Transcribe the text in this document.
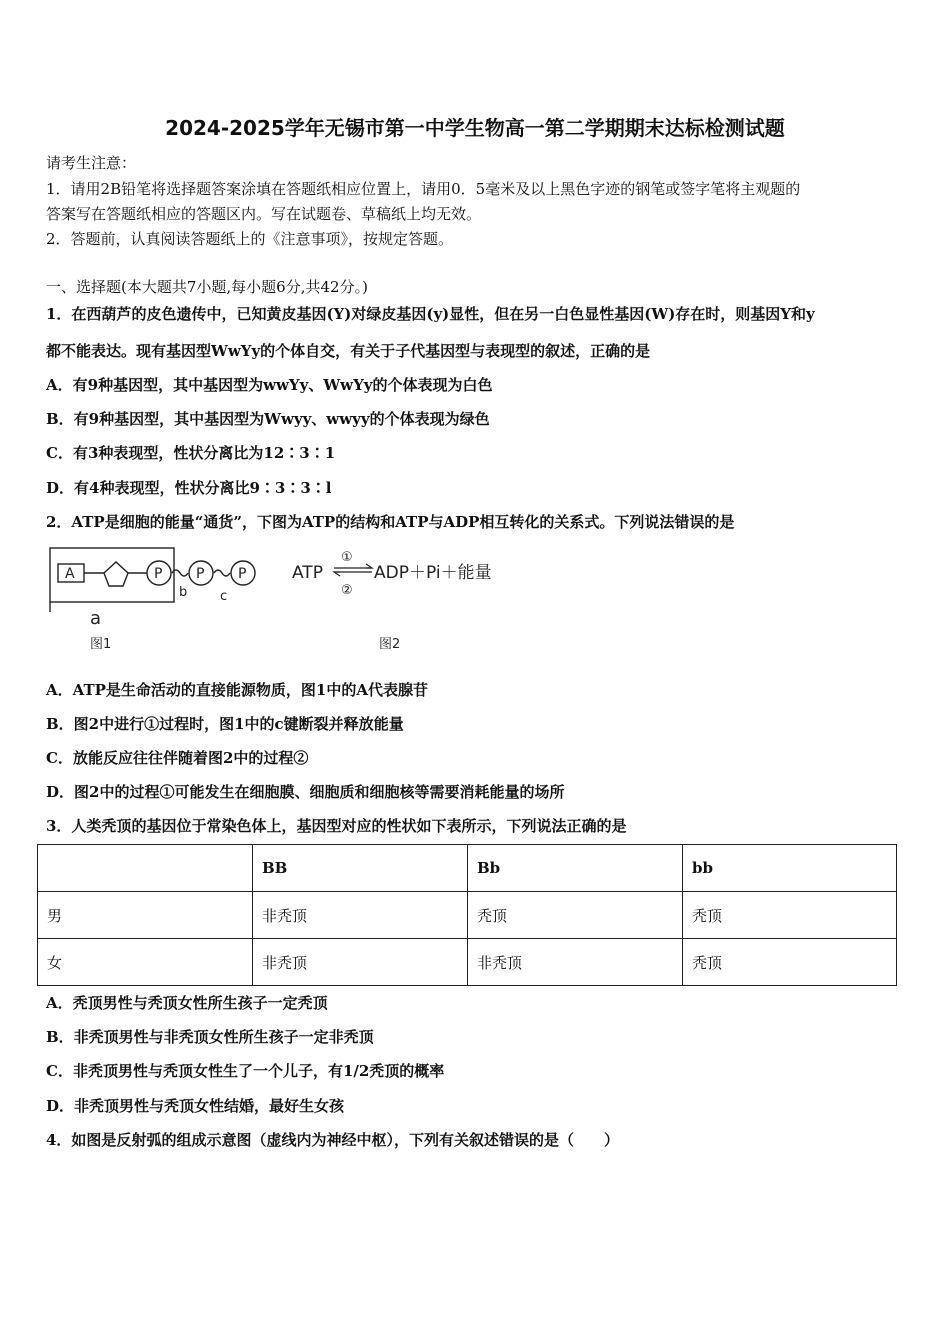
2024-2025学年无锡市第一中学生物高一第二学期期末达标检测试题
请考生注意：
1．请用2B铅笔将选择题答案涂填在答题纸相应位置上，请用0．5毫米及以上黑色字迹的钢笔或签字笔将主观题的
答案写在答题纸相应的答题区内。写在试题卷、草稿纸上均无效。
2．答题前，认真阅读答题纸上的《注意事项》，按规定答题。
一、选择题(本大题共7小题,每小题6分,共42分。)
1．在西葫芦的皮色遗传中，已知黄皮基因(Y)对绿皮基因(y)显性，但在另一白色显性基因(W)存在时，则基因Y和y
都不能表达。现有基因型WwYy的个体自交，有关于子代基因型与表现型的叙述，正确的是
A．有9种基因型，其中基因型为wwYy、WwYy的个体表现为白色
B．有9种基因型，其中基因型为Wwyy、wwyy的个体表现为绿色
C．有3种表现型，性状分离比为12∶3∶1
D．有4种表现型，性状分离比9∶3∶3∶l
2．ATP是细胞的能量“通货”，下图为ATP的结构和ATP与ADP相互转化的关系式。下列说法错误的是
A	P P P
b	c
a
图1
ATP	ADP＋Pi＋能量
①
②
图2
A．ATP是生命活动的直接能源物质，图1中的A代表腺苷
B．图2中进行①过程时，图1中的c键断裂并释放能量
C．放能反应往往伴随着图2中的过程②
D．图2中的过程①可能发生在细胞膜、细胞质和细胞核等需要消耗能量的场所
3．人类秃顶的基因位于常染色体上，基因型对应的性状如下表所示，下列说法正确的是
	BB	Bb	bb
男	非秃顶	秃顶	秃顶
女	非秃顶	非秃顶	秃顶
A．秃顶男性与秃顶女性所生孩子一定秃顶
B．非秃顶男性与非秃顶女性所生孩子一定非秃顶
C．非秃顶男性与秃顶女性生了一个儿子，有1/2秃顶的概率
D．非秃顶男性与秃顶女性结婚，最好生女孩
4．如图是反射弧的组成示意图（虚线内为神经中枢），下列有关叙述错误的是（　　）
